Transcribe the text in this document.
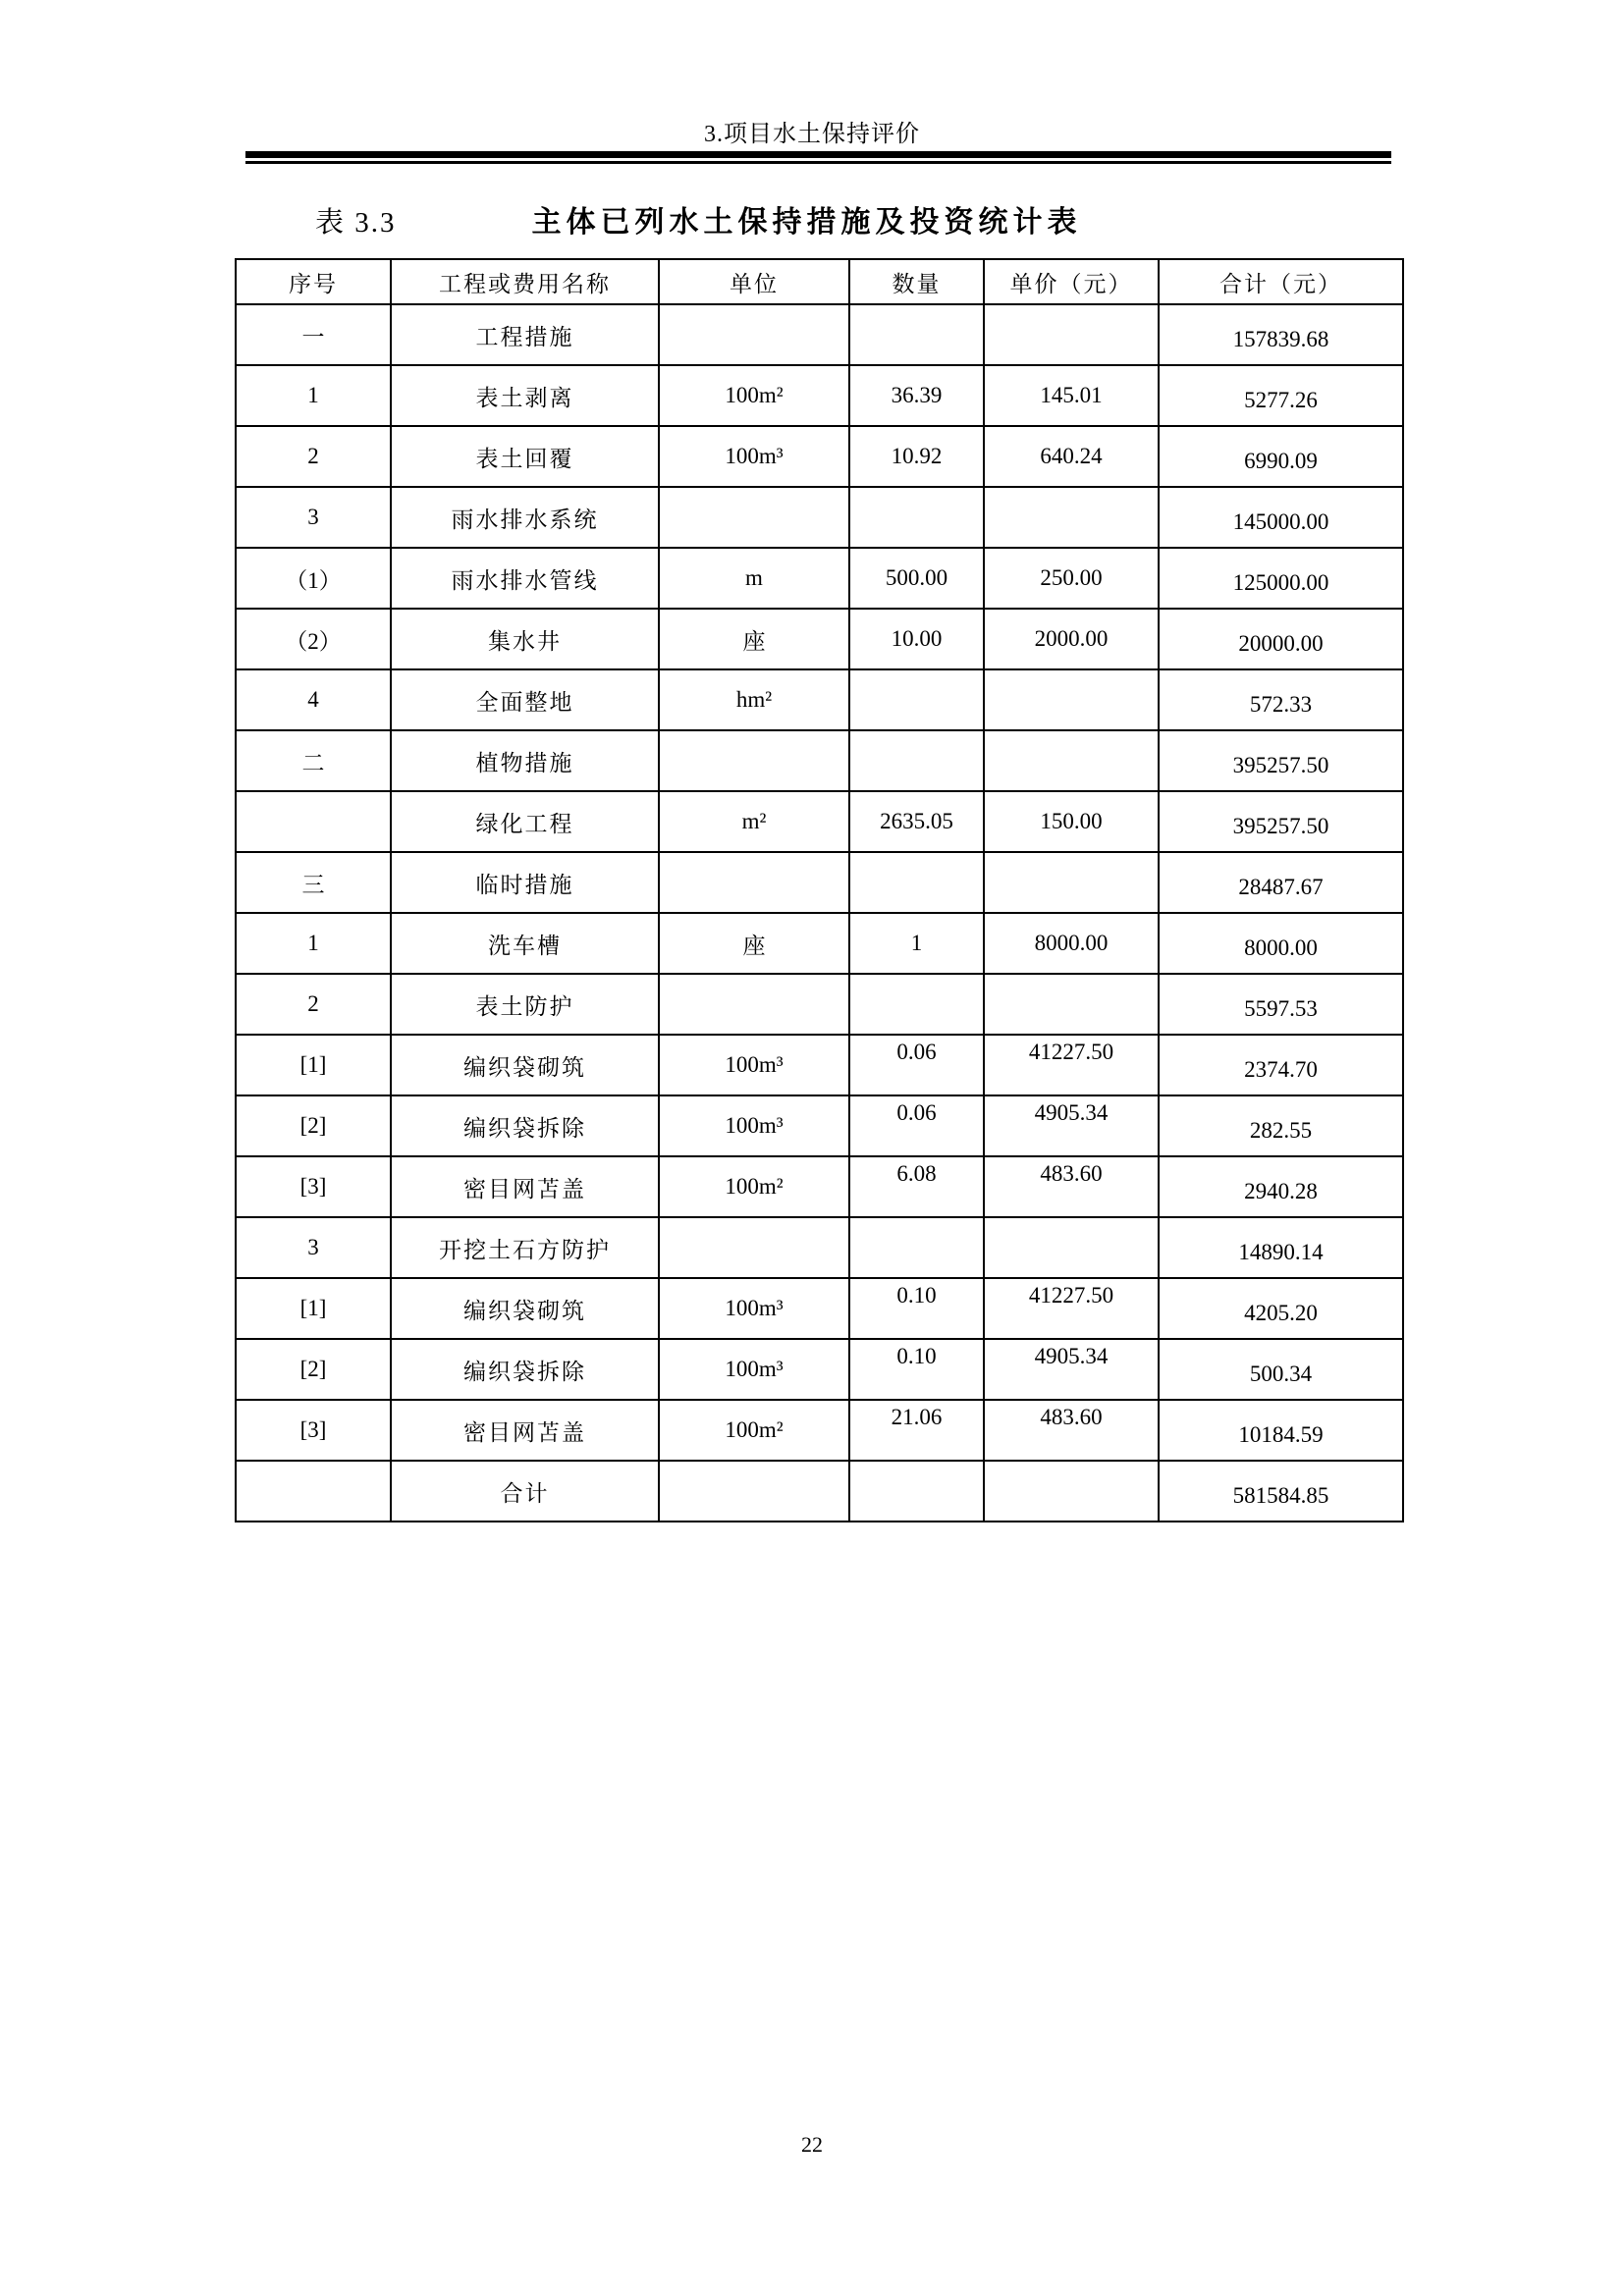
3.项目水土保持评价
表 3.3	主体已列水土保持措施及投资统计表
序号	工程或费用名称	单位	数量	单价（元）	合计（元）
一	工程措施				157839.68
1	表土剥离	100m²	36.39	145.01	5277.26
2	表土回覆	100m³	10.92	640.24	6990.09
3	雨水排水系统				145000.00
（1）	雨水排水管线	m	500.00	250.00	125000.00
（2）	集水井	座	10.00	2000.00	20000.00
4	全面整地	hm²			572.33
二	植物措施				395257.50
	绿化工程	m²	2635.05	150.00	395257.50
三	临时措施				28487.67
1	洗车槽	座	1	8000.00	8000.00
2	表土防护				5597.53
[1]	编织袋砌筑	100m³	0.06	41227.50	2374.70
[2]	编织袋拆除	100m³	0.06	4905.34	282.55
[3]	密目网苫盖	100m²	6.08	483.60	2940.28
3	开挖土石方防护				14890.14
[1]	编织袋砌筑	100m³	0.10	41227.50	4205.20
[2]	编织袋拆除	100m³	0.10	4905.34	500.34
[3]	密目网苫盖	100m²	21.06	483.60	10184.59
	合计				581584.85
22
